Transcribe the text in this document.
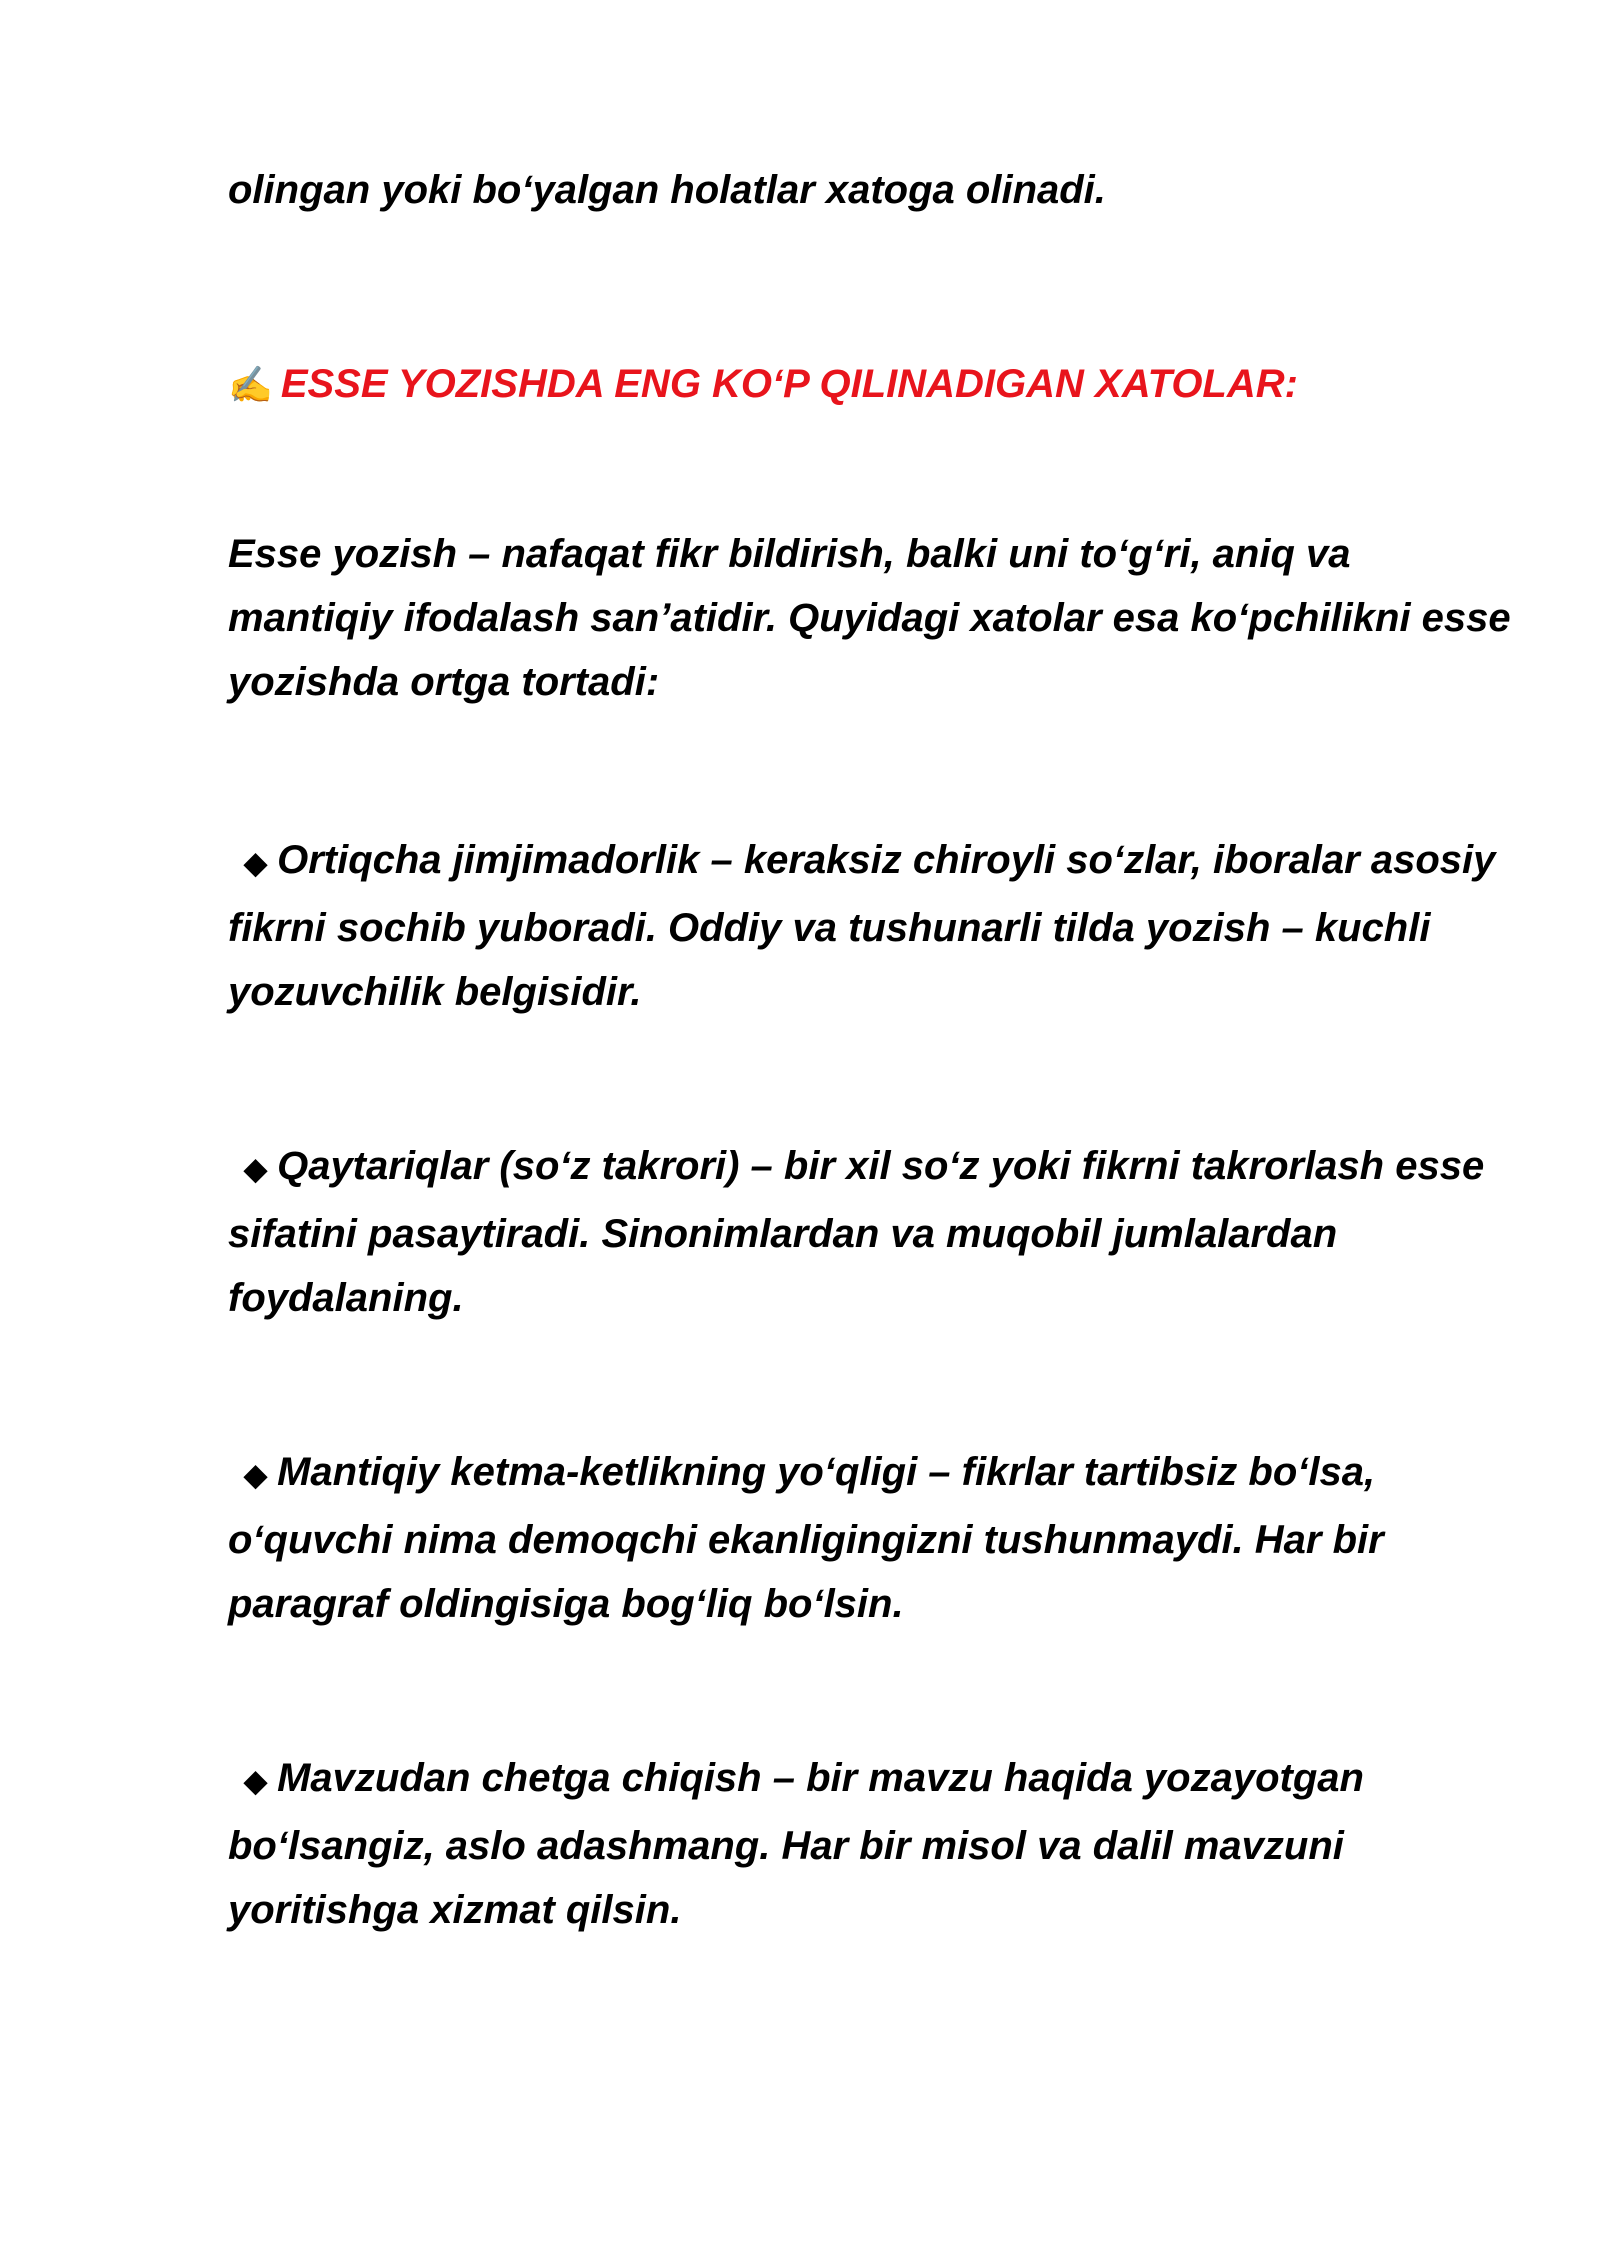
olingan yoki bo‘yalgan holatlar xatoga olinadi.

✍ ESSE YOZISHDA ENG KO‘P QILINADIGAN XATOLAR:

Esse yozish – nafaqat fikr bildirish, balki uni to‘g‘ri, aniq va mantiqiy ifodalash san’atidir. Quyidagi xatolar esa ko‘pchilikni esse yozishda ortga tortadi:

◆ Ortiqcha jimjimadorlik – keraksiz chiroyli so‘zlar, iboralar asosiy fikrni sochib yuboradi. Oddiy va tushunarli tilda yozish – kuchli yozuvchilik belgisidir.

◆ Qaytariqlar (so‘z takrori) – bir xil so‘z yoki fikrni takrorlash esse sifatini pasaytiradi. Sinonimlardan va muqobil jumlalardan foydalaning.

◆ Mantiqiy ketma-ketlikning yo‘qligi – fikrlar tartibsiz bo‘lsa, o‘quvchi nima demoqchi ekanligingizni tushunmaydi. Har bir paragraf oldingisiga bog‘liq bo‘lsin.

◆ Mavzudan chetga chiqish – bir mavzu haqida yozayotgan bo‘lsangiz, aslo adashmang. Har bir misol va dalil mavzuni yoritishga xizmat qilsin.
